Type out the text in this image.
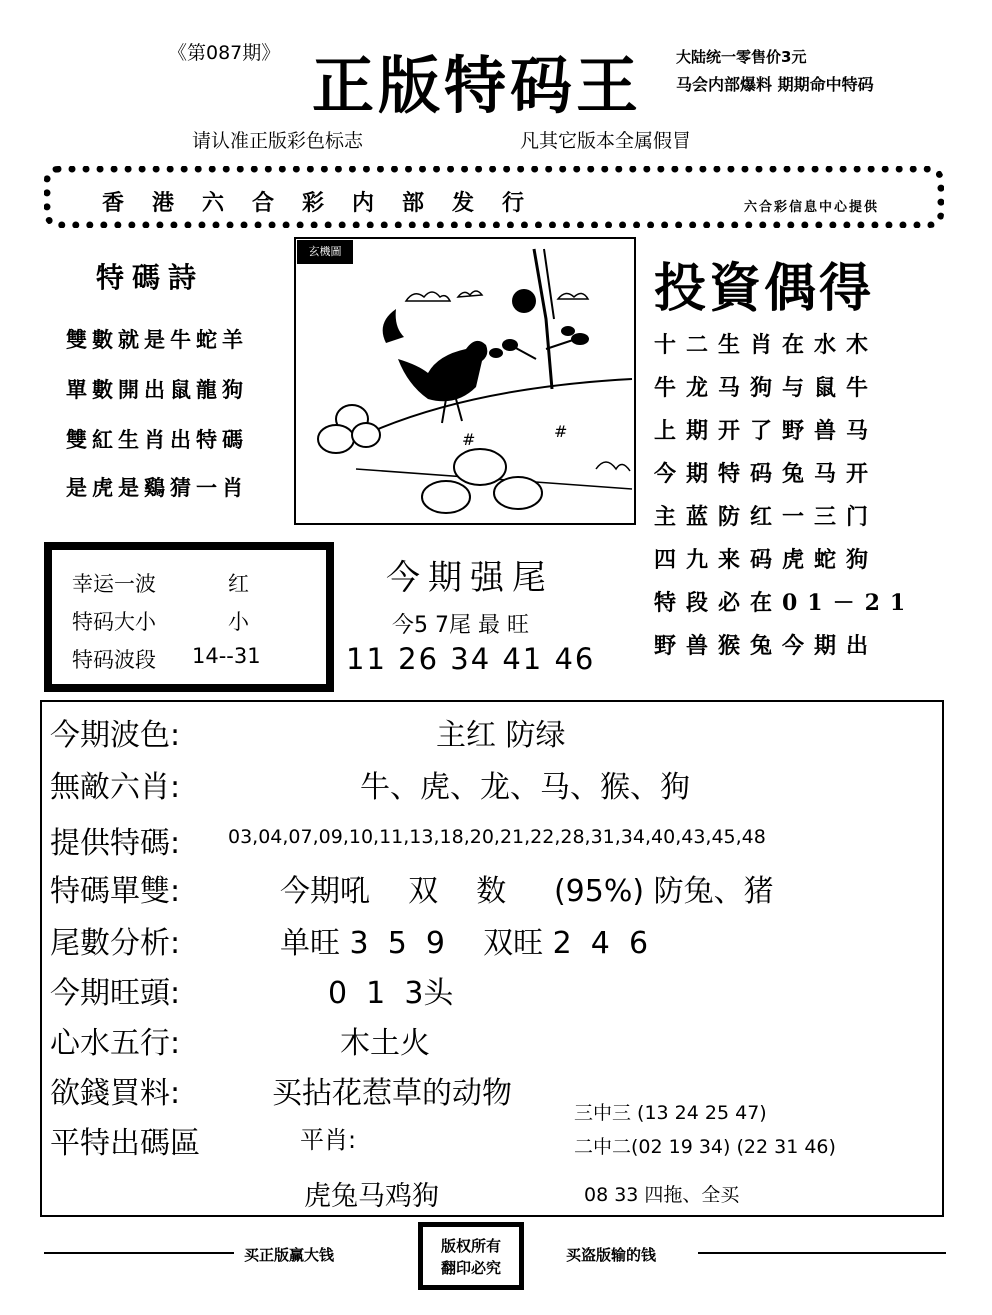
《第087期》 正版特码王 大陆统一零售价3元
马会内部爆料 期期命中特码
请认准正版彩色标志	凡其它版本全属假冒
香港六合彩内部发行	六合彩信息中心提供
特碼詩
雙數就是牛蛇羊
單數開出鼠龍狗
雙紅生肖出特碼
是虎是鷄猜一肖
#	#
玄機圖
投資偶得
十二生肖在水木
牛龙马狗与鼠牛
上期开了野兽马
今期特码兔马开
主蓝防红一三门
四九来码虎蛇狗
特段必在01－21
野兽猴兔今期出
幸运一波	红
特码大小	小
特码波段 14--31
今期强尾
今5 7尾 最 旺
11 26 34 41 46
今期波色:	主红 防绿
無敵六肖:	牛、虎、龙、马、猴、狗
提供特碼:	03,04,07,09,10,11,13,18,20,21,22,28,31,34,40,43,45,48
特碼單雙:	今期吼    双    数     (95%) 防兔、猪
尾數分析:	单旺 3  5  9    双旺 2  4  6
今期旺頭:	0  1  3头
心水五行:	木土火
欲錢買料:	买拈花惹草的动物
平特出碼區	平肖:
虎兔马鸡狗
三中三 (13 24 25 47)
二中二(02 19 34) (22 31 46)
08 33 四拖、全买
买正版赢大钱	版权所有
翻印必究
买盗版输的钱
